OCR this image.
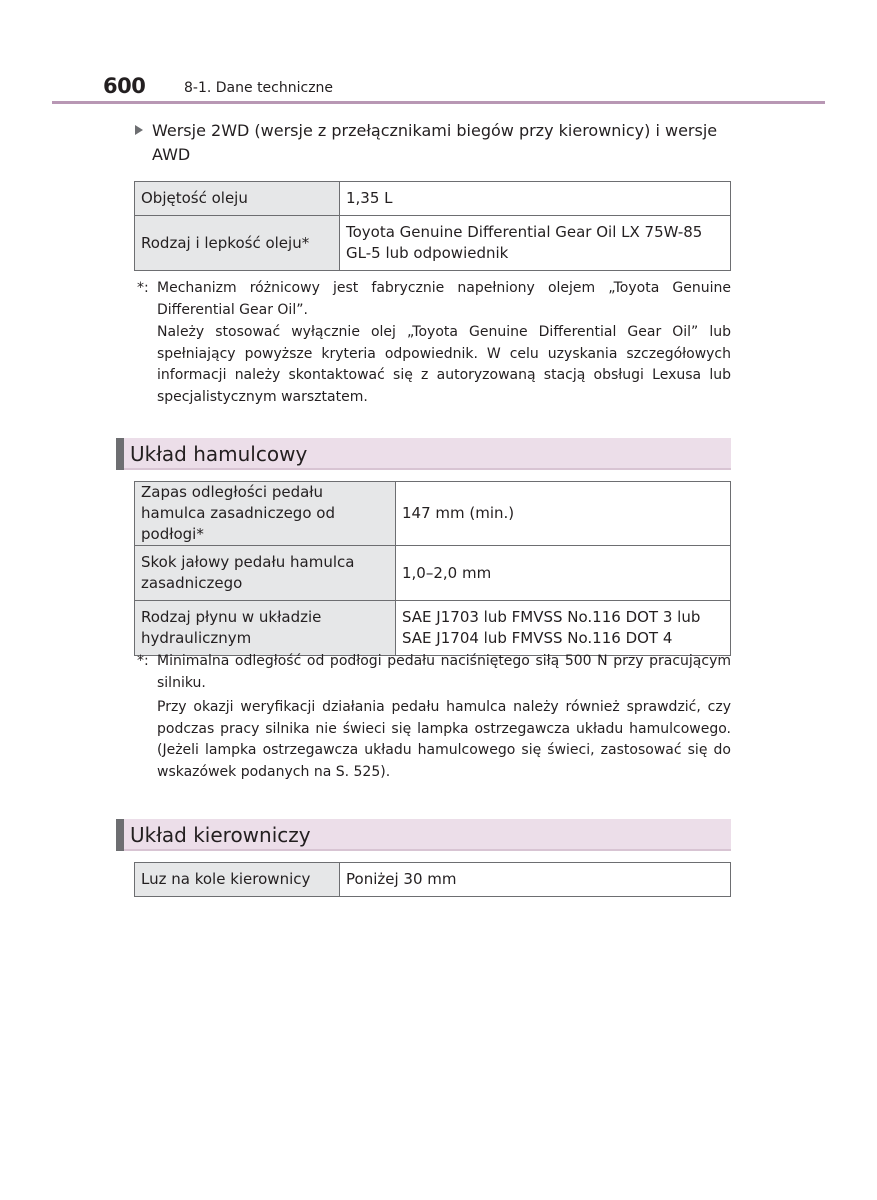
600	8-1. Dane techniczne
Wersje 2WD (wersje z przełącznikami biegów przy kierownicy) i wersje AWD
Objętość oleju	1,35 L
Rodzaj i lepkość oleju*	Toyota Genuine Differential Gear Oil LX 75W-85 GL-5 lub odpowiednik
*: Mechanizm różnicowy jest fabrycznie napełniony olejem „Toyota Genuine Differential Gear Oil”.

Należy stosować wyłącznie olej „Toyota Genuine Differential Gear Oil” lub spełniający powyższe kryteria odpowiednik. W celu uzyskania szczegółowych informacji należy skontaktować się z autoryzowaną stacją obsługi Lexusa lub specjalistycznym warsztatem.

Układ hamulcowy
Zapas odległości pedału hamulca zasadniczego od podłogi*	147 mm (min.)
Skok jałowy pedału hamulca zasadniczego	1,0–2,0 mm
Rodzaj płynu w układzie hydraulicznym	SAE J1703 lub FMVSS No.116 DOT 3 lub SAE J1704 lub FMVSS No.116 DOT 4
*: Minimalna odległość od podłogi pedału naciśniętego siłą 500 N przy pracującym silniku.

Przy okazji weryfikacji działania pedału hamulca należy również sprawdzić, czy podczas pracy silnika nie świeci się lampka ostrzegawcza układu hamulcowego. (Jeżeli lampka ostrzegawcza układu hamulcowego się świeci, zastosować się do wskazówek podanych na S. 525).

Układ kierowniczy
Luz na kole kierownicy	Poniżej 30 mm
